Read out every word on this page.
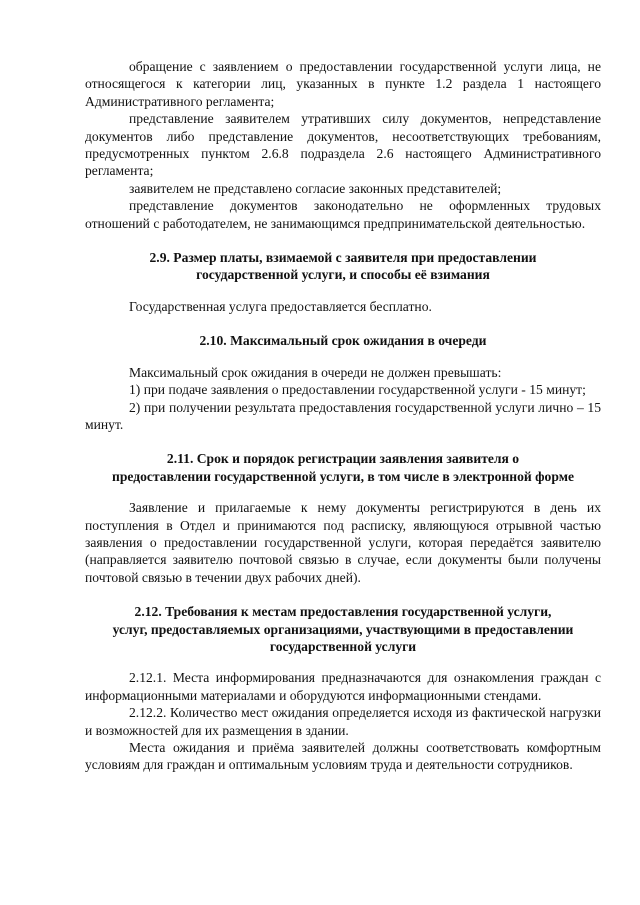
обращение с заявлением о предоставлении государственной услуги лица, не относящегося к категории лиц, указанных в пункте 1.2 раздела 1 настоящего Административного регламента;

представление заявителем утративших силу документов, непредставление документов либо представление документов, несоответствующих требованиям, предусмотренных пунктом 2.6.8 подраздела 2.6 настоящего Административного регламента;

заявителем не представлено согласие законных представителей;

представление документов законодательно не оформленных трудовых отношений с работодателем, не занимающимся предпринимательской деятельностью.

2.9. Размер платы, взимаемой с заявителя при предоставлении
государственной услуги, и способы её взимания

Государственная услуга предоставляется бесплатно.

2.10. Максимальный срок ожидания в очереди

Максимальный срок ожидания в очереди не должен превышать:

1) при подаче заявления о предоставлении государственной услуги - 15 минут;

2) при получении результата предоставления государственной услуги лично – 15 минут.

2.11. Срок и порядок регистрации заявления заявителя о
предоставлении государственной услуги, в том числе в электронной форме

Заявление и прилагаемые к нему документы регистрируются в день их поступления в Отдел и принимаются под расписку, являющуюся отрывной частью заявления о предоставлении государственной услуги, которая передаётся заявителю (направляется заявителю почтовой связью в случае, если документы были получены почтовой связью в течении двух рабочих дней).

2.12. Требования к местам предоставления государственной услуги,
услуг, предоставляемых организациями, участвующими в предоставлении
государственной услуги

2.12.1. Места информирования предназначаются для ознакомления граждан с информационными материалами и оборудуются информационными стендами.

2.12.2. Количество мест ожидания определяется исходя из фактической нагрузки и возможностей для их размещения в здании.

Места ожидания и приёма заявителей должны соответствовать комфортным условиям для граждан и оптимальным условиям труда и деятельности сотрудников.
